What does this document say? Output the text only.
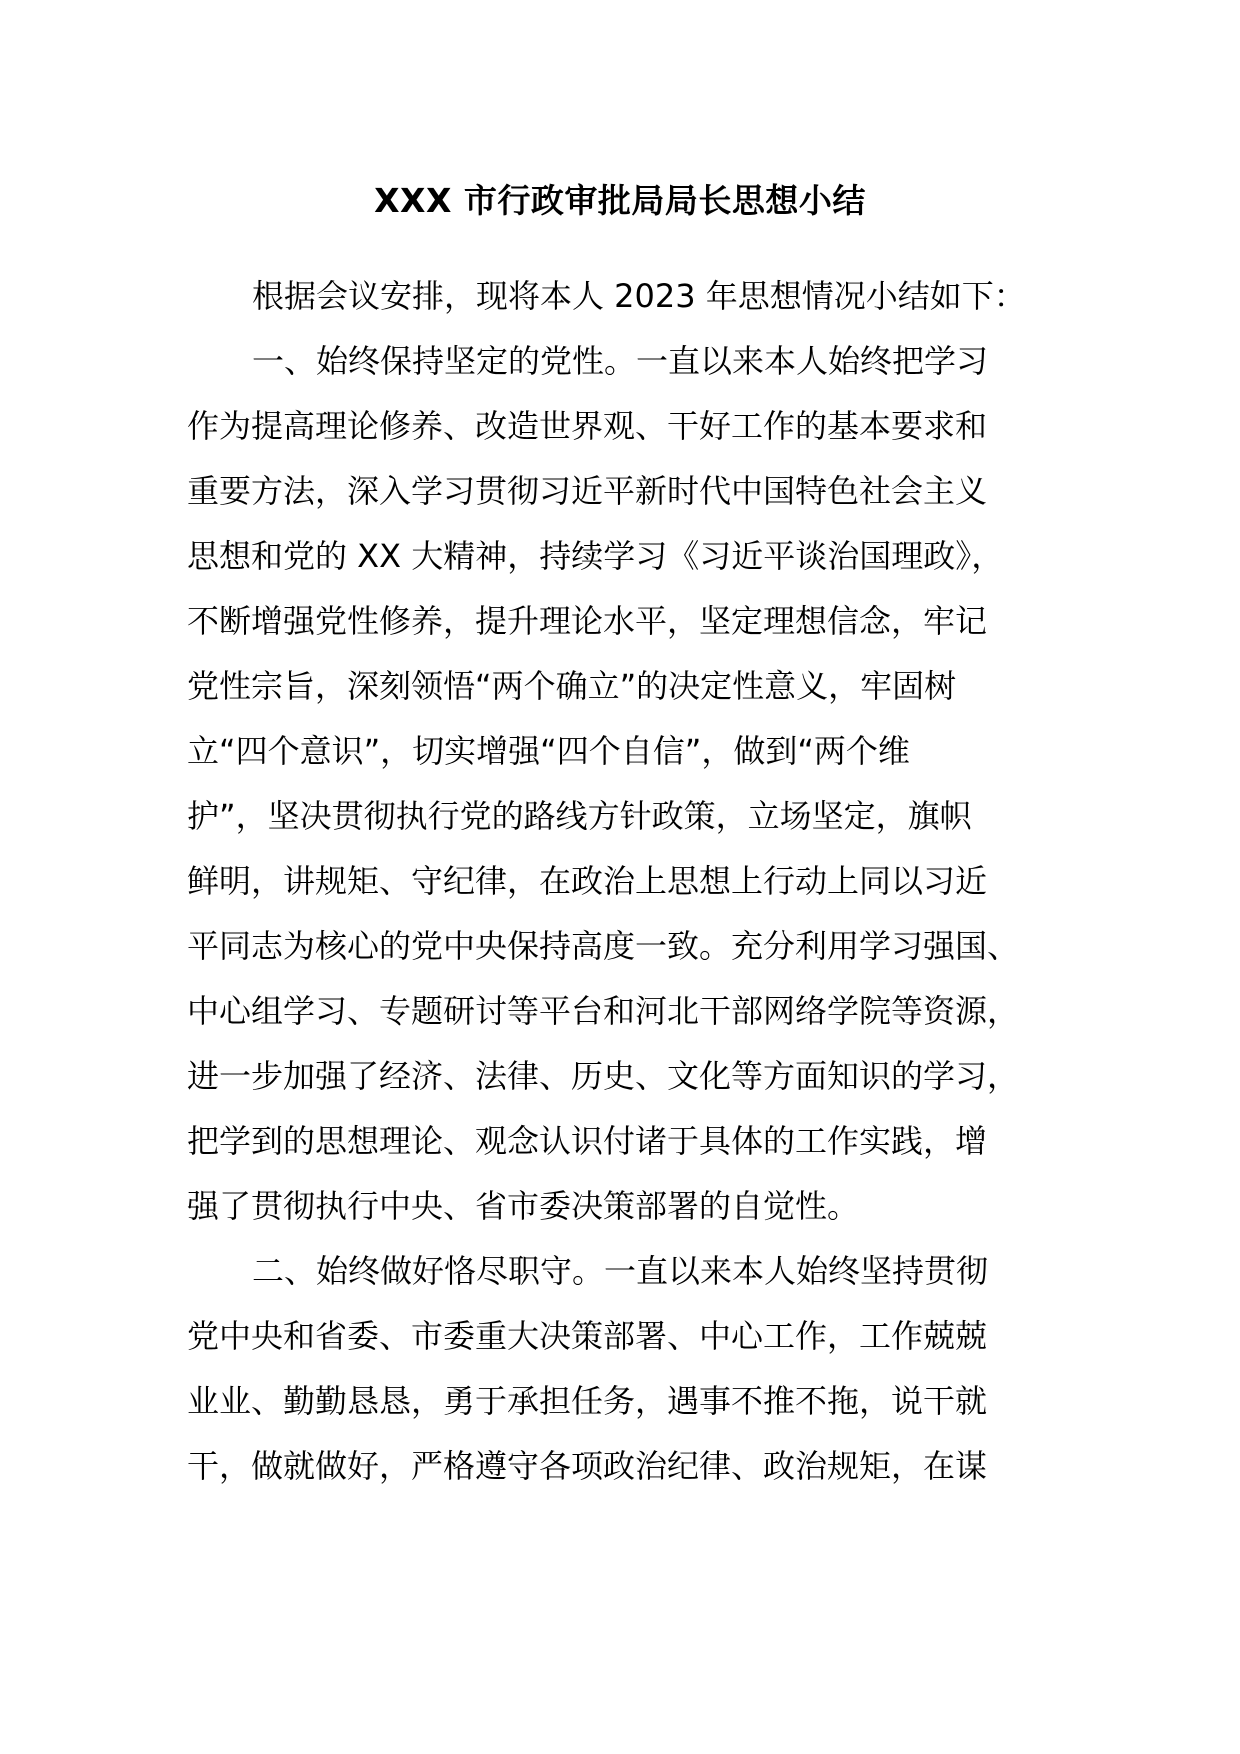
XXX 市行政审批局局长思想小结
根据会议安排，现将本人 2023 年思想情况小结如下：
一、始终保持坚定的党性。一直以来本人始终把学习
作为提高理论修养、改造世界观、干好工作的基本要求和
重要方法，深入学习贯彻习近平新时代中国特色社会主义
思想和党的 XX 大精神，持续学习《习近平谈治国理政》，
不断增强党性修养，提升理论水平，坚定理想信念，牢记
党性宗旨，深刻领悟“两个确立”的决定性意义，牢固树
立“四个意识”，切实增强“四个自信”，做到“两个维
护”，坚决贯彻执行党的路线方针政策，立场坚定，旗帜
鲜明，讲规矩、守纪律，在政治上思想上行动上同以习近
平同志为核心的党中央保持高度一致。充分利用学习强国、
中心组学习、专题研讨等平台和河北干部网络学院等资源，
进一步加强了经济、法律、历史、文化等方面知识的学习，
把学到的思想理论、观念认识付诸于具体的工作实践，增
强了贯彻执行中央、省市委决策部署的自觉性。
二、始终做好恪尽职守。一直以来本人始终坚持贯彻
党中央和省委、市委重大决策部署、中心工作，工作兢兢
业业、勤勤恳恳，勇于承担任务，遇事不推不拖，说干就
干，做就做好，严格遵守各项政治纪律、政治规矩，在谋
